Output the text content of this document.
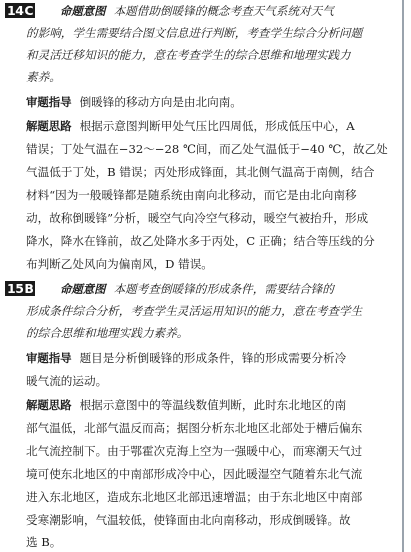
14 C 命题意图 本题借助倒暖锋的概念考查天气系统对天气
的影响，学生需要结合图文信息进行判断，考查学生综合分析问题
和灵活迁移知识的能力，意在考查学生的综合思维和地理实践力
素养。
审题指导 倒暖锋的移动方向是由北向南。
解题思路 根据示意图判断甲处气压比四周低，形成低压中心，A
错误；丁处气温在−32～−28 ℃间，而乙处气温低于−40 ℃，故乙处
气温低于丁处，B 错误；丙处形成锋面，其北侧气温高于南侧，结合
材料“因为一般暖锋都是随系统由南向北移动，而它是由北向南移
动，故称倒暖锋”分析，暖空气向冷空气移动，暖空气被抬升，形成
降水，降水在锋前，故乙处降水多于丙处，C 正确；结合等压线的分
布判断乙处风向为偏南风，D 错误。
15 B 命题意图 本题考查倒暖锋的形成条件，需要结合锋的
形成条件综合分析，考查学生灵活运用知识的能力，意在考查学生
的综合思维和地理实践力素养。
审题指导 题目是分析倒暖锋的形成条件，锋的形成需要分析冷
暖气流的运动。
解题思路 根据示意图中的等温线数值判断，此时东北地区的南
部气温低，北部气温反而高；据图分析东北地区北部处于槽后偏东
北气流控制下。由于鄂霍次克海上空为一强暖中心，而寒潮天气过
境可使东北地区的中南部形成冷中心，因此暖湿空气随着东北气流
进入东北地区，造成东北地区北部迅速增温；由于东北地区中南部
受寒潮影响，气温较低，使锋面由北向南移动，形成倒暖锋。故
选 B。
